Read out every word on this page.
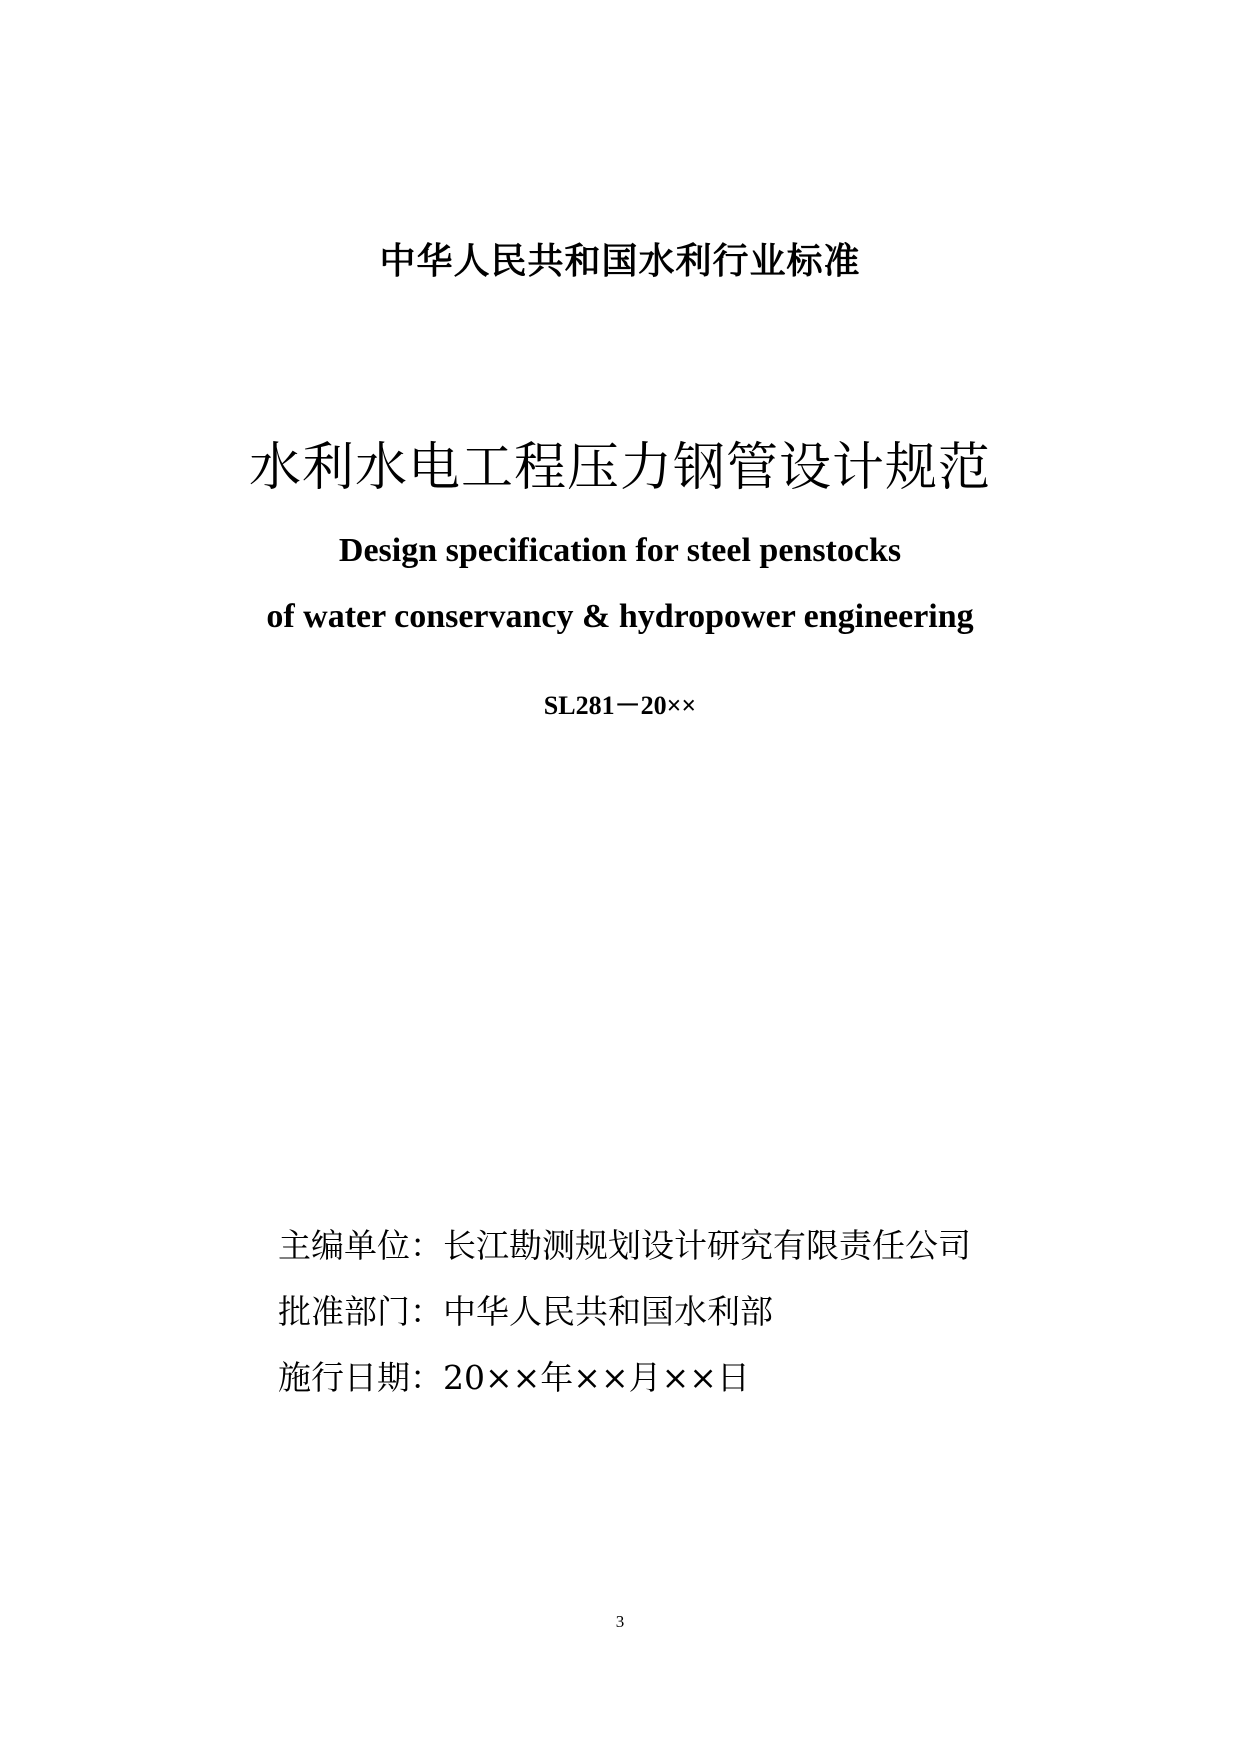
中华人民共和国水利行业标准
水利水电工程压力钢管设计规范
Design specification for steel penstocks
of water conservancy & hydropower engineering
SL281－20××
主编单位：长江勘测规划设计研究有限责任公司
批准部门：中华人民共和国水利部
施行日期：20××年××月××日
3
